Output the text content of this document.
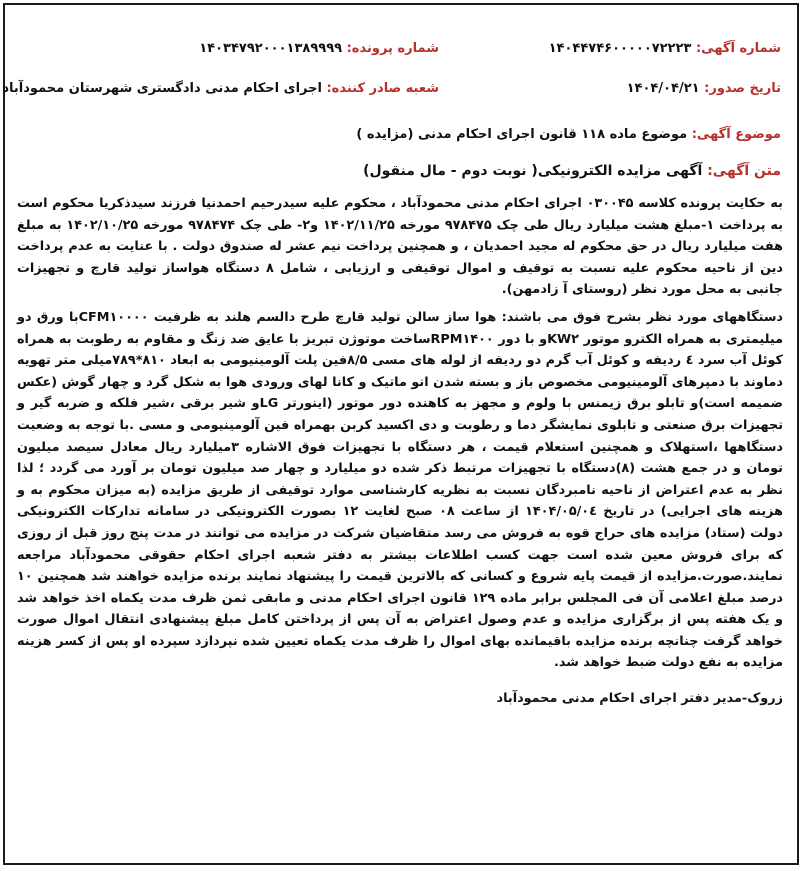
شماره آگهی: ۱۴۰۴۴۷۴۶۰۰۰۰۰۷۲۲۲۳
شماره پرونده: ۱۴۰۳۴۷۹۲۰۰۰۱۳۸۹۹۹۹
تاریخ صدور: ۱۴۰۴/۰۴/۲۱
شعبه صادر کننده: اجرای احکام مدنی دادگستری شهرستان محمودآباد
موضوع آگهی: موضوع ماده ۱۱۸ قانون اجرای احکام مدنی (مزایده )
متن آگهی: آگهی مزایده الکترونیکی( نوبت دوم - مال منقول)

به حکایت پرونده کلاسه ۰۳۰۰۴۵ اجرای احکام مدنی محمودآباد ، محکوم علیه سیدرحیم احمدنیا فرزند سیدذکریا محکوم است به پرداخت ۱-مبلغ هشت میلیارد ریال طی چک ۹۷۸۴۷۵ مورخه ۱۴۰۲/۱۱/۲۵ و۲- طی چک ۹۷۸۴۷۴ مورخه ۱۴۰۲/۱۰/۲۵ به مبلغ هفت میلیارد ریال در حق محکوم له مجید احمدیان ، و همچنین پرداخت نیم عشر له صندوق دولت . با عنایت به عدم پرداخت دین از ناحیه محکوم علیه نسبت به توقیف و اموال توقیفی و ارزیابی ، شامل ۸ دستگاه هواساز تولید قارچ و تجهیزات جانبی به محل مورد نظر (روستای آ زادمهن).

دستگاههای مورد نظر بشرح فوق می باشند: هوا ساز سالن تولید قارچ طرح دالسم هلند به ظرفیت CFM۱۰۰۰۰با ورق دو میلیمتری به همراه الکترو موتور KW۲و با دور RPM۱۴۰۰ساخت موتوژن تبریز با عایق ضد زنگ و مقاوم به رطوبت به همراه کوئل آب سرد ٤ ردیفه و کوئل آب گرم دو ردیفه از لوله های مسی ۸/۵فین پلت آلومینیومی به ابعاد ۸۱۰*۷۸۹میلی متر تهویه دماوند با دمپرهای آلومینیومی مخصوص باز و بسته شدن اتو ماتیک و کانا لهای ورودی هوا به شکل گرد و چهار گوش (عکس ضمیمه است)و تابلو برق زیمنس با ولوم و مجهز به کاهنده دور موتور (اینورتر LGو شیر برقی ،شیر فلکه و ضربه گیر و تجهیزات برق صنعتی و تابلوی نمایشگر دما و رطوبت و دی اکسید کربن بهمراه فین آلومینیومی و مسی .با توجه به وضعیت دستگاهها ،استهلاک و همچنین استعلام قیمت ، هر دستگاه با تجهیزات فوق الاشاره ۳میلیارد ریال معادل سیصد میلیون تومان و در جمع هشت (۸)دستگاه با تجهیزات مرتبط ذکر شده دو میلیارد و چهار صد میلیون تومان بر آورد می گردد ؛ لذا نظر به عدم اعتراض از ناحیه نامبردگان نسبت به نظریه کارشناسی موارد توقیفی از طریق مزایده (به میزان محکوم به و هزینه های اجرایی) در تاریخ ۱۴۰۴/۰۵/۰٤ از ساعت ۰۸ صبح لغایت ۱۲ بصورت الکترونیکی در سامانه تدارکات الکترونیکی دولت (ستاد) مزایده های حراج قوه به فروش می رسد متقاضیان شرکت در مزایده می توانند در مدت پنج روز قبل از روزی که برای فروش معین شده است جهت کسب اطلاعات بیشتر به دفتر شعبه اجرای احکام حقوقی محمودآباد مراجعه نمایند.صورت.مزایده از قیمت پایه شروع و کسانی که بالاترین قیمت را پیشنهاد نمایند برنده مزایده خواهند شد همچنین ۱۰ درصد مبلغ اعلامی آن فی المجلس برابر ماده ۱۲۹ قانون اجرای احکام مدنی و مابقی ثمن ظرف مدت یکماه اخذ خواهد شد و یک هفته پس از برگزاری مزایده و عدم وصول اعتراض به آن پس از پرداختن کامل مبلغ پیشنهادی انتقال اموال صورت خواهد گرفت چنانچه برنده مزایده باقیمانده بهای اموال را ظرف مدت یکماه تعیین شده نپردازد سپرده او پس از کسر هزینه مزایده به نفع دولت ضبط خواهد شد.

زروک-مدیر دفتر اجرای احکام مدنی محمودآباد
